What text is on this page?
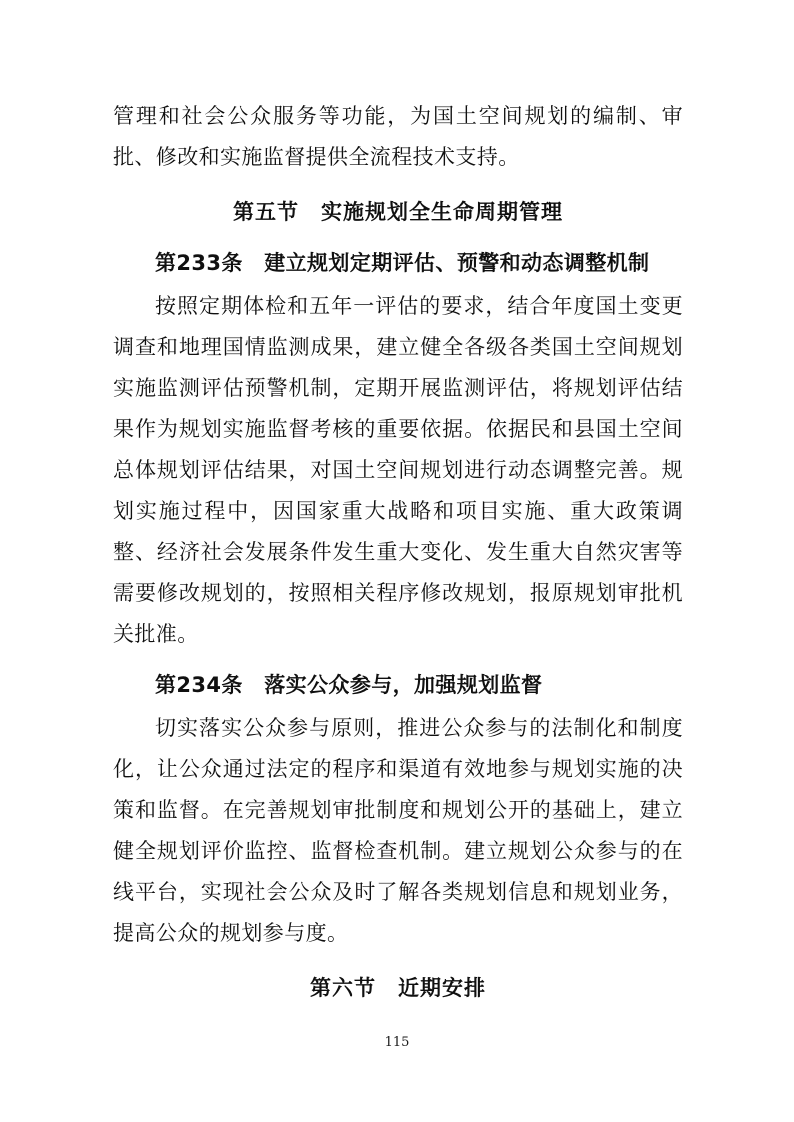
管理和社会公众服务等功能，为国土空间规划的编制、审批、修改和实施监督提供全流程技术支持。

第五节　实施规划全生命周期管理
第233条　建立规划定期评估、预警和动态调整机制

按照定期体检和五年一评估的要求，结合年度国土变更调查和地理国情监测成果，建立健全各级各类国土空间规划实施监测评估预警机制，定期开展监测评估，将规划评估结果作为规划实施监督考核的重要依据。依据民和县国土空间总体规划评估结果，对国土空间规划进行动态调整完善。规划实施过程中，因国家重大战略和项目实施、重大政策调整、经济社会发展条件发生重大变化、发生重大自然灾害等需要修改规划的，按照相关程序修改规划，报原规划审批机关批准。

第234条　落实公众参与，加强规划监督

切实落实公众参与原则，推进公众参与的法制化和制度化，让公众通过法定的程序和渠道有效地参与规划实施的决策和监督。在完善规划审批制度和规划公开的基础上，建立健全规划评价监控、监督检查机制。建立规划公众参与的在线平台，实现社会公众及时了解各类规划信息和规划业务，提高公众的规划参与度。

第六节　近期安排
115
